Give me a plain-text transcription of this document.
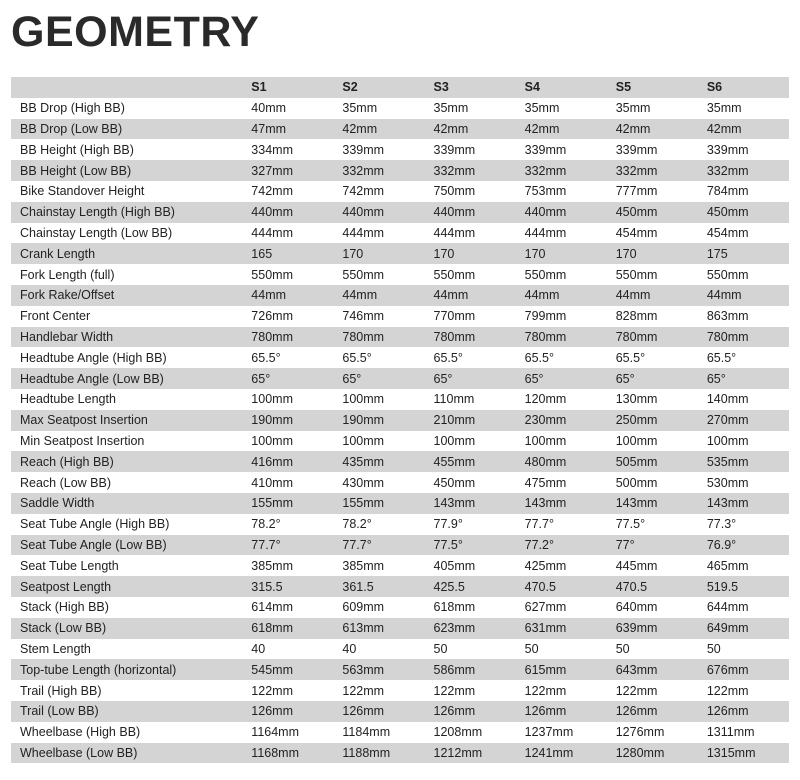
GEOMETRY
	S1	S2	S3	S4	S5	S6
BB Drop (High BB)	40mm	35mm	35mm	35mm	35mm	35mm
BB Drop (Low BB)	47mm	42mm	42mm	42mm	42mm	42mm
BB Height (High BB)	334mm	339mm	339mm	339mm	339mm	339mm
BB Height (Low BB)	327mm	332mm	332mm	332mm	332mm	332mm
Bike Standover Height	742mm	742mm	750mm	753mm	777mm	784mm
Chainstay Length (High BB)	440mm	440mm	440mm	440mm	450mm	450mm
Chainstay Length (Low BB)	444mm	444mm	444mm	444mm	454mm	454mm
Crank Length	165	170	170	170	170	175
Fork Length (full)	550mm	550mm	550mm	550mm	550mm	550mm
Fork Rake/Offset	44mm	44mm	44mm	44mm	44mm	44mm
Front Center	726mm	746mm	770mm	799mm	828mm	863mm
Handlebar Width	780mm	780mm	780mm	780mm	780mm	780mm
Headtube Angle (High BB)	65.5°	65.5°	65.5°	65.5°	65.5°	65.5°
Headtube Angle (Low BB)	65°	65°	65°	65°	65°	65°
Headtube Length	100mm	100mm	110mm	120mm	130mm	140mm
Max Seatpost Insertion	190mm	190mm	210mm	230mm	250mm	270mm
Min Seatpost Insertion	100mm	100mm	100mm	100mm	100mm	100mm
Reach (High BB)	416mm	435mm	455mm	480mm	505mm	535mm
Reach (Low BB)	410mm	430mm	450mm	475mm	500mm	530mm
Saddle Width	155mm	155mm	143mm	143mm	143mm	143mm
Seat Tube Angle (High BB)	78.2°	78.2°	77.9°	77.7°	77.5°	77.3°
Seat Tube Angle (Low BB)	77.7°	77.7°	77.5°	77.2°	77°	76.9°
Seat Tube Length	385mm	385mm	405mm	425mm	445mm	465mm
Seatpost Length	315.5	361.5	425.5	470.5	470.5	519.5
Stack (High BB)	614mm	609mm	618mm	627mm	640mm	644mm
Stack (Low BB)	618mm	613mm	623mm	631mm	639mm	649mm
Stem Length	40	40	50	50	50	50
Top-tube Length (horizontal)	545mm	563mm	586mm	615mm	643mm	676mm
Trail (High BB)	122mm	122mm	122mm	122mm	122mm	122mm
Trail (Low BB)	126mm	126mm	126mm	126mm	126mm	126mm
Wheelbase (High BB)	1164mm	1184mm	1208mm	1237mm	1276mm	1311mm
Wheelbase (Low BB)	1168mm	1188mm	1212mm	1241mm	1280mm	1315mm
